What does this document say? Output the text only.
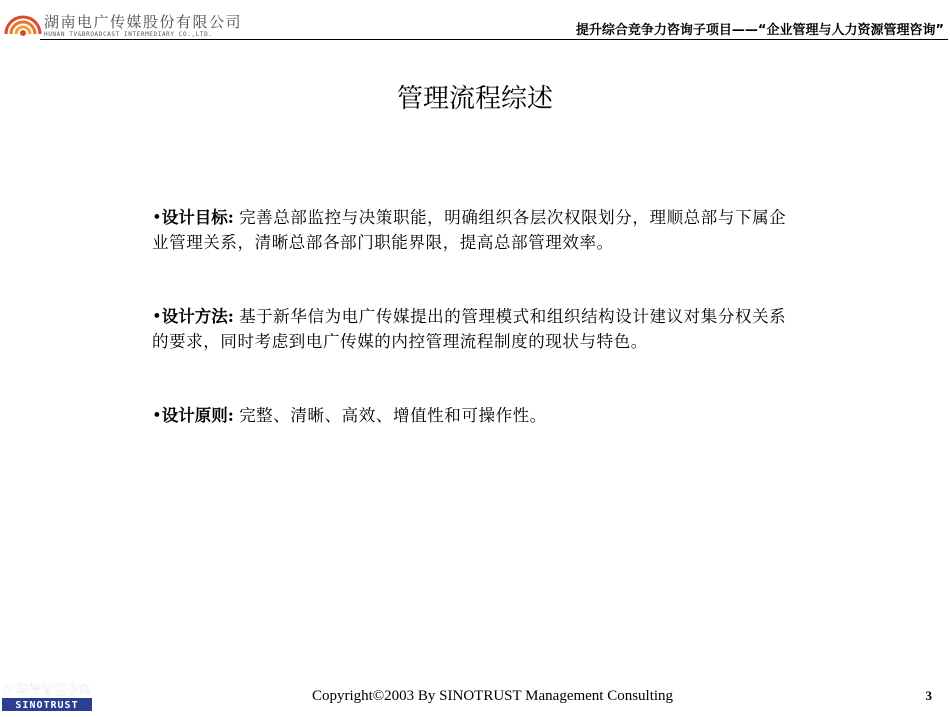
湖南电广传媒股份有限公司
HUNAN TV&BROADCAST INTERMEDIARY CO.,LTD.	提升综合竞争力咨询子项目——“企业管理与人力资源管理咨询”
管理流程综述
•设计目标: 完善总部监控与决策职能，明确组织各层次权限划分，理顺总部与下属企业管理关系，清晰总部各部门职能界限，提高总部管理效率。
•设计方法: 基于新华信为电广传媒提出的管理模式和组织结构设计建议对集分权关系的要求，同时考虑到电广传媒的内控管理流程制度的现状与特色。
•设计原则: 完整、清晰、高效、增值性和可操作性。
新华信管理咨询
SINOTRUST
Copyright©2003 By SINOTRUST Management Consulting	3
